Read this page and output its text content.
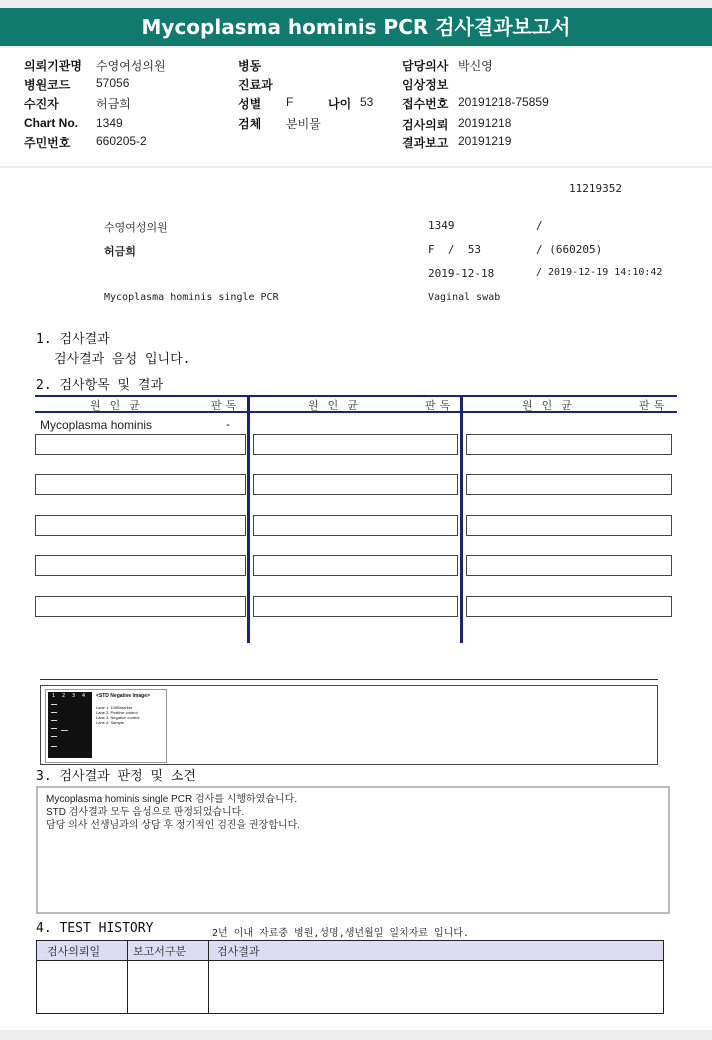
Mycoplasma hominis PCR 검사결과보고서
의뢰기관명 수영여성의원
병원코드 57056
수진자	허금희
Chart No. 1349
주민번호 660205-2
병동
진료과
성별 F	나이 53
검체 분비물
담당의사 박신영
임상정보
접수번호 20191218-75859
검사의뢰 20191218
결과보고 20191219
11219352
수영여성의원	1349	/
허금희	F  /  53	/ (660205)
2019-12-18	/ 2019-12-19 14:10:42
Mycoplasma hominis single PCR	Vaginal swab
1. 검사결과
검사결과 음성 입니다.
2. 검사항목 및 결과
원인균	판독	원인균	판독	원인균	판독
Mycoplasma hominis	-
1 2 3 4 <STD Negative Image>
Lane 1: 100Bmarker
Lane 2: Positive control
Lane 3: Negative control
Lane 4: Sample
3. 검사결과 판정 및 소견
Mycoplasma hominis single PCR 검사를 시행하였습니다.
STD 검사결과 모두 음성으로 판정되었습니다.
담당 의사 선생님과의 상담 후 정기적인 검진을 권장합니다.
4. TEST HISTORY	2년 이내 자료중 병원,성명,생년월일 일치자료 입니다.
검사의뢰일	보고서구분	검사결과
